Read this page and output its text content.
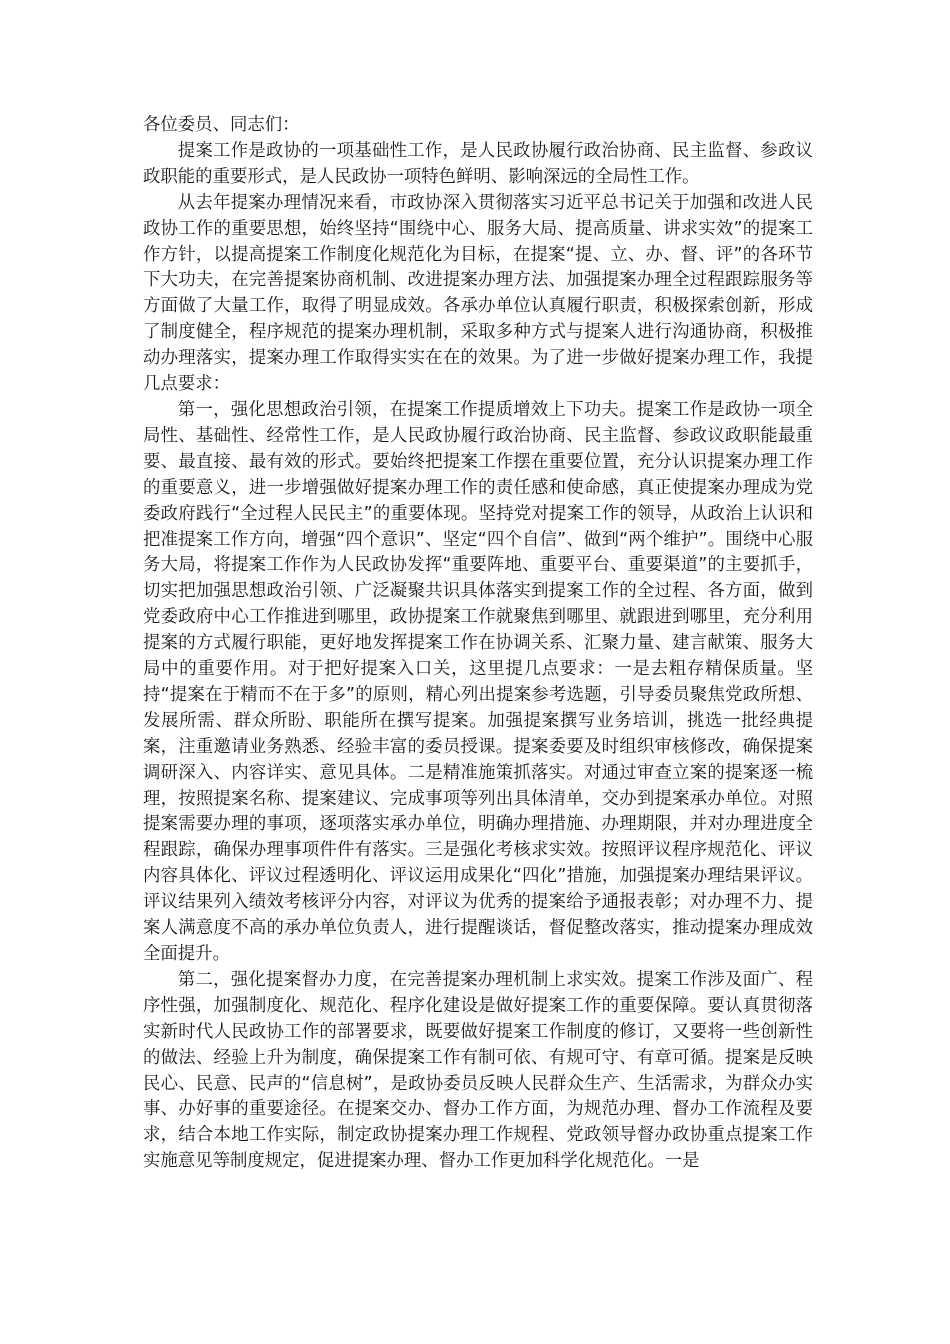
各位委员、同志们：

提案工作是政协的一项基础性工作，是人民政协履行政治协商、民主监督、参政议政职能的重要形式，是人民政协一项特色鲜明、影响深远的全局性工作。

从去年提案办理情况来看，市政协深入贯彻落实习近平总书记关于加强和改进人民政协工作的重要思想，始终坚持“围绕中心、服务大局、提高质量、讲求实效”的提案工作方针，以提高提案工作制度化规范化为目标，在提案“提、立、办、督、评”的各环节下大功夫，在完善提案协商机制、改进提案办理方法、加强提案办理全过程跟踪服务等方面做了大量工作，取得了明显成效。各承办单位认真履行职责，积极探索创新，形成了制度健全，程序规范的提案办理机制，采取多种方式与提案人进行沟通协商，积极推动办理落实，提案办理工作取得实实在在的效果。为了进一步做好提案办理工作，我提几点要求：

第一，强化思想政治引领，在提案工作提质增效上下功夫。提案工作是政协一项全局性、基础性、经常性工作，是人民政协履行政治协商、民主监督、参政议政职能最重要、最直接、最有效的形式。要始终把提案工作摆在重要位置，充分认识提案办理工作的重要意义，进一步增强做好提案办理工作的责任感和使命感，真正使提案办理成为党委政府践行“全过程人民民主”的重要体现。坚持党对提案工作的领导，从政治上认识和把准提案工作方向，增强“四个意识”、坚定“四个自信”、做到“两个维护”。围绕中心服务大局，将提案工作作为人民政协发挥“重要阵地、重要平台、重要渠道”的主要抓手，切实把加强思想政治引领、广泛凝聚共识具体落实到提案工作的全过程、各方面，做到党委政府中心工作推进到哪里，政协提案工作就聚焦到哪里、就跟进到哪里，充分利用提案的方式履行职能，更好地发挥提案工作在协调关系、汇聚力量、建言献策、服务大局中的重要作用。对于把好提案入口关，这里提几点要求：一是去粗存精保质量。坚持“提案在于精而不在于多”的原则，精心列出提案参考选题，引导委员聚焦党政所想、发展所需、群众所盼、职能所在撰写提案。加强提案撰写业务培训，挑选一批经典提案，注重邀请业务熟悉、经验丰富的委员授课。提案委要及时组织审核修改，确保提案调研深入、内容详实、意见具体。二是精准施策抓落实。对通过审查立案的提案逐一梳理，按照提案名称、提案建议、完成事项等列出具体清单，交办到提案承办单位。对照提案需要办理的事项，逐项落实承办单位，明确办理措施、办理期限，并对办理进度全程跟踪，确保办理事项件件有落实。三是强化考核求实效。按照评议程序规范化、评议内容具体化、评议过程透明化、评议运用成果化“四化”措施，加强提案办理结果评议。评议结果列入绩效考核评分内容，对评议为优秀的提案给予通报表彰；对办理不力、提案人满意度不高的承办单位负责人，进行提醒谈话，督促整改落实，推动提案办理成效全面提升。

第二，强化提案督办力度，在完善提案办理机制上求实效。提案工作涉及面广、程序性强，加强制度化、规范化、程序化建设是做好提案工作的重要保障。要认真贯彻落实新时代人民政协工作的部署要求，既要做好提案工作制度的修订，又要将一些创新性的做法、经验上升为制度，确保提案工作有制可依、有规可守、有章可循。提案是反映民心、民意、民声的“信息树”，是政协委员反映人民群众生产、生活需求，为群众办实事、办好事的重要途径。在提案交办、督办工作方面，为规范办理、督办工作流程及要求，结合本地工作实际，制定政协提案办理工作规程、党政领导督办政协重点提案工作实施意见等制度规定，促进提案办理、督办工作更加科学化规范化。一是
